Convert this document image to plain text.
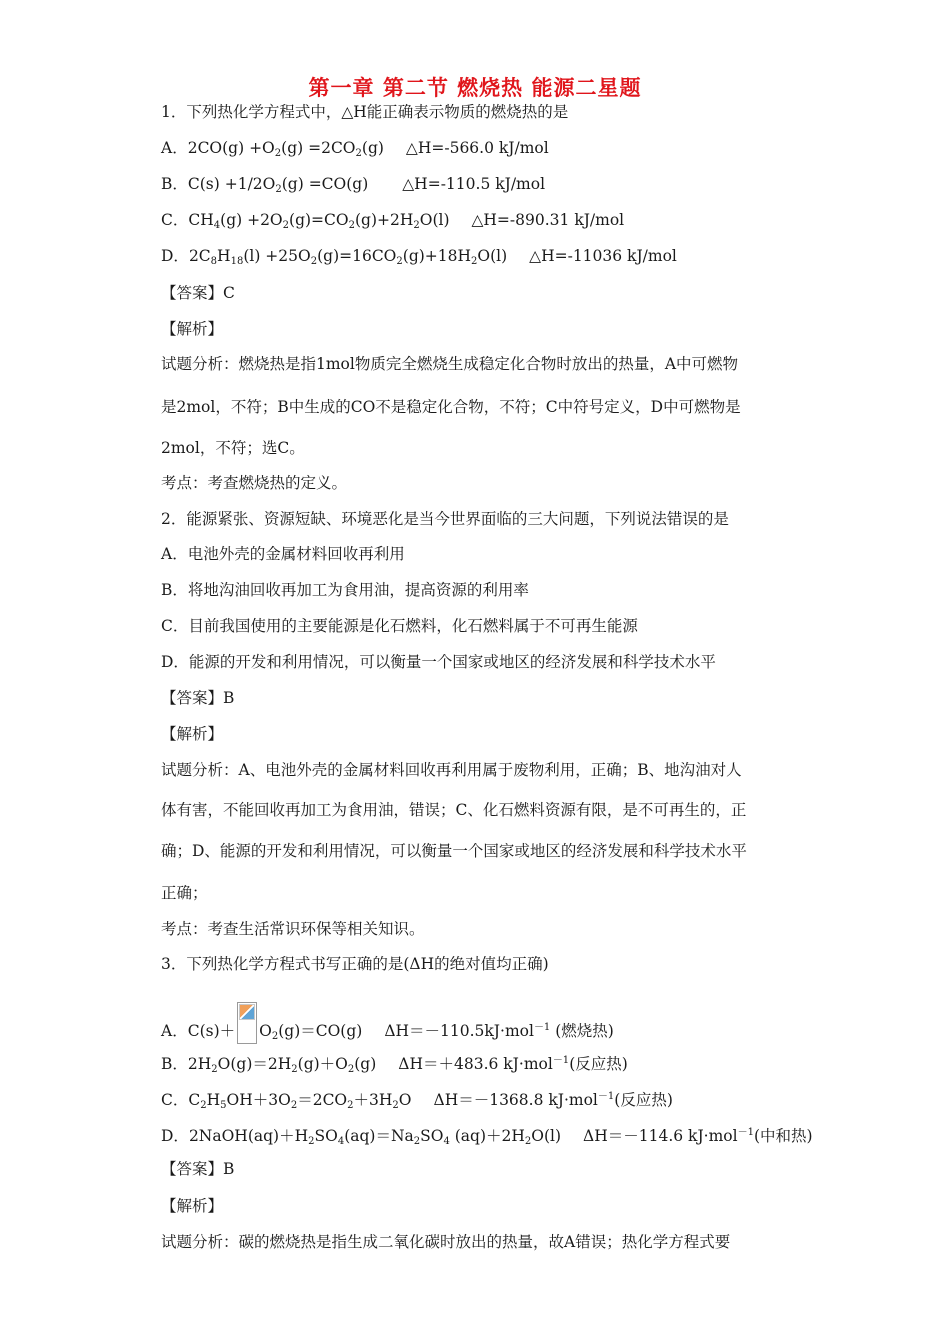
第一章 第二节 燃烧热 能源二星题
1．下列热化学方程式中，△H能正确表示物质的燃烧热的是
A．$2CO(g) +O_2(g) =2CO_2(g)$ △H=-566.0 kJ/mol
B．$C(s) +1/2O_2(g) =CO(g)$ △H=-110.5 kJ/mol
C．$CH_4(g) +2O_2(g)=CO_2(g)+2H_2O(l)$ △H=-890.31 kJ/mol
D．$2C_8H_{18}(l) +25O_2(g)=16CO_2(g)+18H_2O(l)$ △H=-11036 kJ/mol
【答案】C
【解析】
试题分析：燃烧热是指1mol物质完全燃烧生成稳定化合物时放出的热量，A中可燃物
是2mol，不符；B中生成的CO不是稳定化合物，不符；C中符号定义，D中可燃物是
2mol，不符；选C。
考点：考查燃烧热的定义。
2．能源紧张、资源短缺、环境恶化是当今世界面临的三大问题，下列说法错误的是
A．电池外壳的金属材料回收再利用
B．将地沟油回收再加工为食用油，提高资源的利用率
C．目前我国使用的主要能源是化石燃料，化石燃料属于不可再生能源
D．能源的开发和利用情况，可以衡量一个国家或地区的经济发展和科学技术水平
【答案】B
【解析】
试题分析：A、电池外壳的金属材料回收再利用属于废物利用，正确；B、地沟油对人
体有害，不能回收再加工为食用油，错误；C、化石燃料资源有限，是不可再生的，正
确；D、能源的开发和利用情况，可以衡量一个国家或地区的经济发展和科学技术水平
正确；
考点：考查生活常识环保等相关知识。
3．下列热化学方程式书写正确的是(ΔH的绝对值均正确)
A．$C(s)+ O_2(g)=CO(g)$ ΔH＝－110.5kJ·mol$^{-1}$ (燃烧热)
B．$2H_2O(g)=2H_2(g)+O_2(g)$ ΔH＝＋483.6 kJ·mol$^{-1}$(反应热)
C．$C_2H_5OH+3O_2=2CO_2+3H_2O$ ΔH＝－1368.8 kJ·mol$^{-1}$(反应热)
D．$2NaOH(aq)+H_2SO_4(aq)=Na_2SO_4$ $(aq)+2H_2O(l)$ ΔH＝－114.6 kJ·mol$^{-1}$(中和热)
【答案】B
【解析】
试题分析：碳的燃烧热是指生成二氧化碳时放出的热量，故A错误；热化学方程式要
